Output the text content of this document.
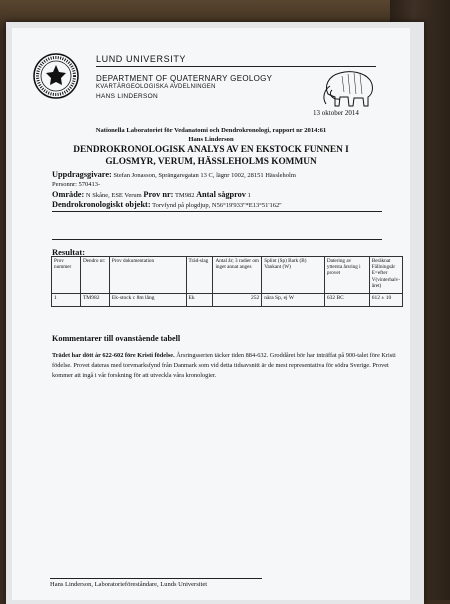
LUND UNIVERSITY
DEPARTMENT OF QUATERNARY GEOLOGY
KVARTÄRGEOLOGISKA AVDELNINGEN
HANS LINDERSON
13 oktober 2014
Nationella Laboratoriet för Vedanatomi och Dendrokronologi, rapport nr 2014:61
Hans Linderson
DENDROKRONOLOGISK ANALYS AV EN EKSTOCK FUNNEN I
GLOSMYR, VERUM, HÄSSLEHOLMS KOMMUN
Uppdragsgivare: Stefan Jonasson, Sprängaregatan 13 C, lägnr 1002, 28151 Hässleholm
Personnr: 570413-
Område: N Skåne, ESE Verum Prov nr: TM982 Antal sågprov 1
Dendrokronologiskt objekt: Torvfynd på plogdjup, N56°19'933''*E13°51'162''
Resultat:
Prov nummer	Dendro nr:	Prov dokumentation	Träd-slag	Antal år; 3 radier om inget annat anges	Splint (Sp) Bark (B) Vankant (W)	Datering av yttersta årsring i provet	Beräknat Fällningsår E=efter V(vinterhalv-året)
1	TM982	Ek-stock c 8m lång	Ek	252	nära Sp, ej W	632 BC	612 ± 10
Kommentarer till ovanstående tabell

Trädet har dött år 622-602 före Kristi födelse. Årsringsserien täcker tiden 884-632. Groddåret bör har inträffat på 900-talet före Kristi födelse. Provet dateras med torvmarksfynd från Danmark som vid detta tidsavsnitt är de mest representativa för södra Sverige. Provet kommer att ingå i vår forskning för att utveckla våra kronologier.

Hans Linderson, Laboratorieföreståndare, Lunds Universitet
